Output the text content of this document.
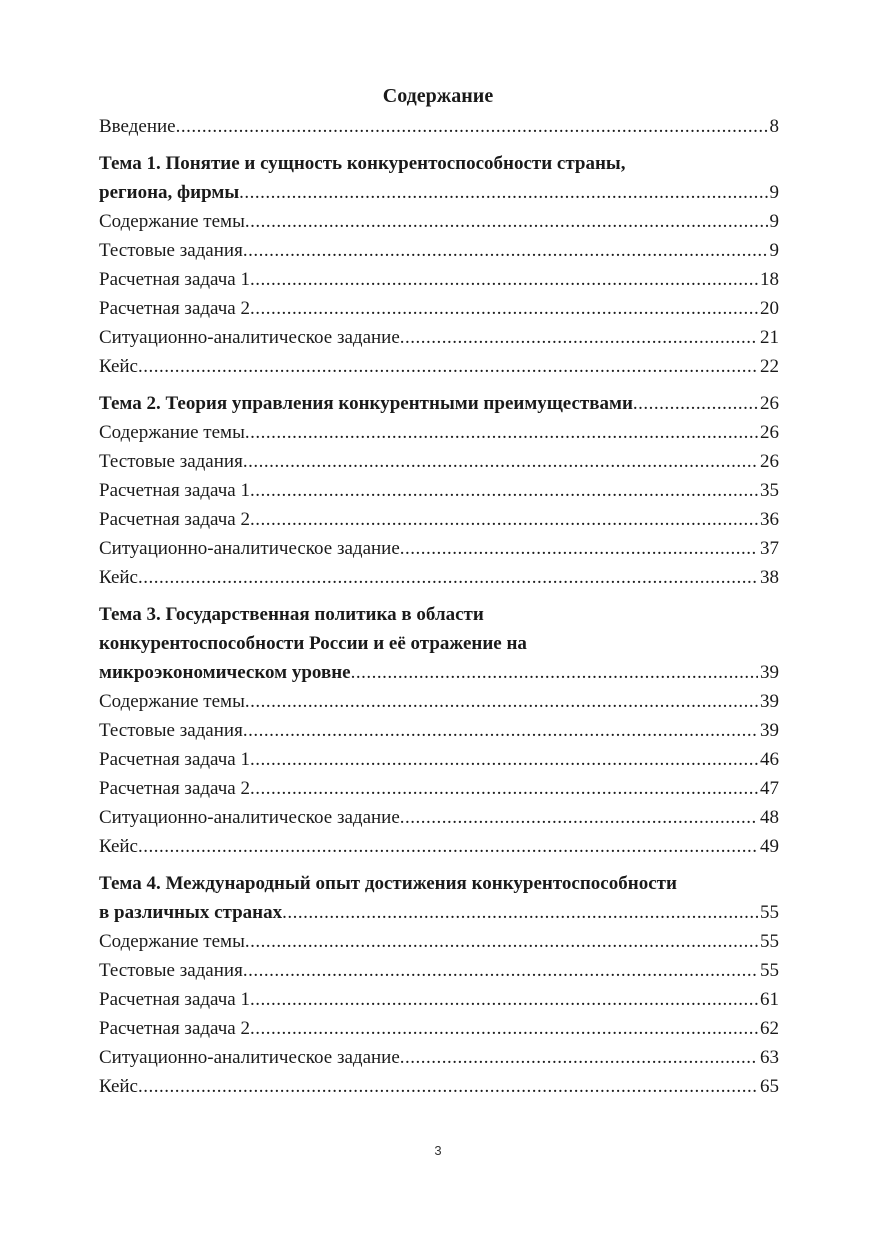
Содержание
Введение .....	8
Тема 1. Понятие и сущность конкурентоспособности страны,
региона, фирмы .....	9
Содержание темы .....	9
Тестовые задания .....	9
Расчетная задача 1 .....	18
Расчетная задача 2 .....	20
Ситуационно-аналитическое задание .....	21
Кейс .....	22
Тема 2. Теория управления конкурентными преимуществами .....	26
Содержание темы .....	26
Тестовые задания .....	26
Расчетная задача 1 .....	35
Расчетная задача 2 .....	36
Ситуационно-аналитическое задание .....	37
Кейс .....	38
Тема 3. Государственная политика в области
конкурентоспособности России и её отражение на
микроэкономическом уровне .....	39
Содержание темы .....	39
Тестовые задания .....	39
Расчетная задача 1 .....	46
Расчетная задача 2 .....	47
Ситуационно-аналитическое задание .....	48
Кейс .....	49
Тема 4. Международный опыт достижения конкурентоспособности
в различных странах .....	55
Содержание темы .....	55
Тестовые задания .....	55
Расчетная задача 1 .....	61
Расчетная задача 2 .....	62
Ситуационно-аналитическое задание .....	63
Кейс .....	65
3
